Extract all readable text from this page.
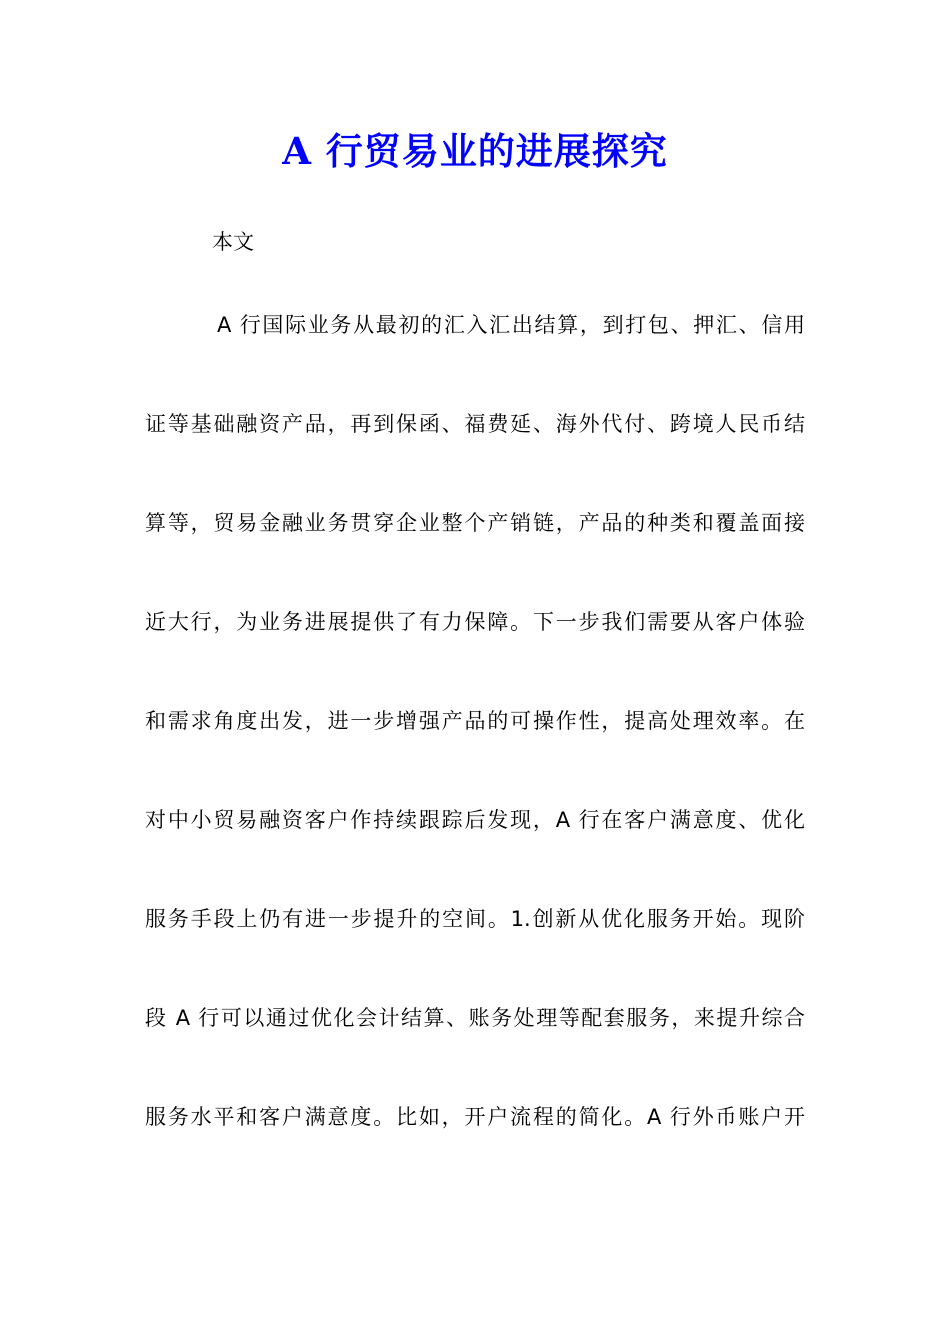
A 行贸易业的进展探究
本文
A 行国际业务从最初的汇入汇出结算，到打包、押汇、信用
证等基础融资产品，再到保函、福费延、海外代付、跨境人民币结
算等，贸易金融业务贯穿企业整个产销链，产品的种类和覆盖面接
近大行，为业务进展提供了有力保障。下一步我们需要从客户体验
和需求角度出发，进一步增强产品的可操作性，提高处理效率。在
对中小贸易融资客户作持续跟踪后发现，A 行在客户满意度、优化
服务手段上仍有进一步提升的空间。1.创新从优化服务开始。现阶
段 A 行可以通过优化会计结算、账务处理等配套服务，来提升综合
服务水平和客户满意度。比如，开户流程的简化。A 行外币账户开
